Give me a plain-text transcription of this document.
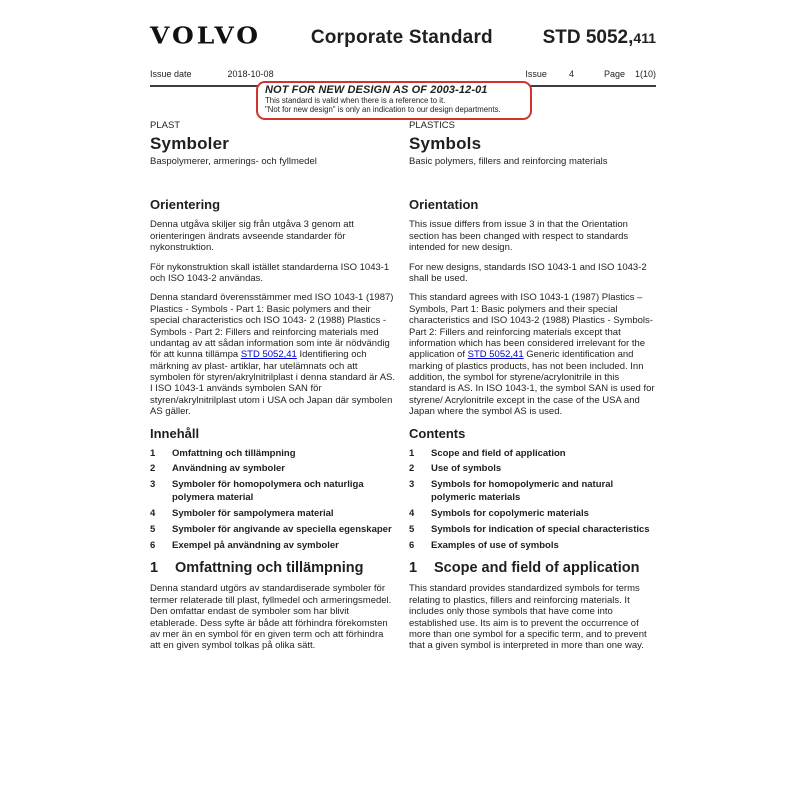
VOLVO	Corporate Standard	STD 5052,411
Issue date	2018-10-08	Issue 4	Page 1(10)
NOT FOR NEW DESIGN AS OF 2003-12-01
This standard is valid when there is a reference to it.
"Not for new design" is only an indication to our design departments.
PLAST
Symboler
Baspolymerer, armerings- och fyllmedel
Orientering

Denna utgåva skiljer sig från utgåva 3 genom att orienteringen ändrats avseende standarder för nykonstruktion.

För nykonstruktion skall istället standarderna ISO 1043-1 och ISO 1043-2 användas.

Denna standard överensstämmer med ISO 1043-1 (1987) Plastics - Symbols - Part 1: Basic polymers and their special characteristics och ISO 1043- 2 (1988) Plastics - Symbols - Part 2: Fillers and reinforcing materials med undantag av att sådan information som inte är nödvändig för att kunna tillämpa STD 5052,41 Identifiering och märkning av plast- artiklar, har utelämnats och att symbolen för styren/akrylnitrilplast i denna standard är AS. I ISO 1043-1 används symbolen SAN för styren/akrylnitrilplast utom i USA och Japan där symbolen AS gäller.

Innehåll
1	Omfattning och tillämpning
2	Användning av symboler
3	Symboler för homopolymera och naturliga polymera material
4	Symboler för sampolymera material
5	Symboler för angivande av speciella egenskaper
6	Exempel på användning av symboler
1	Omfattning och tillämpning

Denna standard utgörs av standardiserade symboler för termer relaterade till plast, fyllmedel och armeringsmedel. Den omfattar endast de symboler som har blivit etablerade. Dess syfte är både att förhindra förekomsten av mer än en symbol för en given term och att förhindra att en given symbol tolkas på olika sätt.

PLASTICS
Symbols
Basic polymers, fillers and reinforcing materials
Orientation

This issue differs from issue 3 in that the Orientation section has been changed with respect to standards intended for new design.

For new designs, standards ISO 1043-1 and ISO 1043-2 shall be used.

This standard agrees with ISO 1043-1 (1987) Plastics – Symbols, Part 1: Basic polymers and their special characteristics and ISO 1043-2 (1988) Plastics - Symbols- Part 2: Fillers and reinforcing materials except that information which has been considered irrelevant for the application of STD 5052,41 Generic identification and marking of plastics products, has not been included. Inn addition, the symbol for styrene/acrylonitrile in this standard is AS. In ISO 1043-1, the symbol SAN is used for styrene/ Acrylonitrile except in the case of the USA and Japan where the symbol AS is used.

Contents
1	Scope and field of application
2	Use of symbols
3	Symbols for homopolymeric and natural polymeric materials
4	Symbols for copolymeric materials
5	Symbols for indication of special characteristics
6	Examples of use of symbols
1	Scope and field of application

This standard provides standardized symbols for terms relating to plastics, fillers and reinforcing materials. It includes only those symbols that have come into established use. Its aim is to prevent the occurrence of more than one symbol for a specific term, and to prevent that a given symbol is interpreted in more than one way.
